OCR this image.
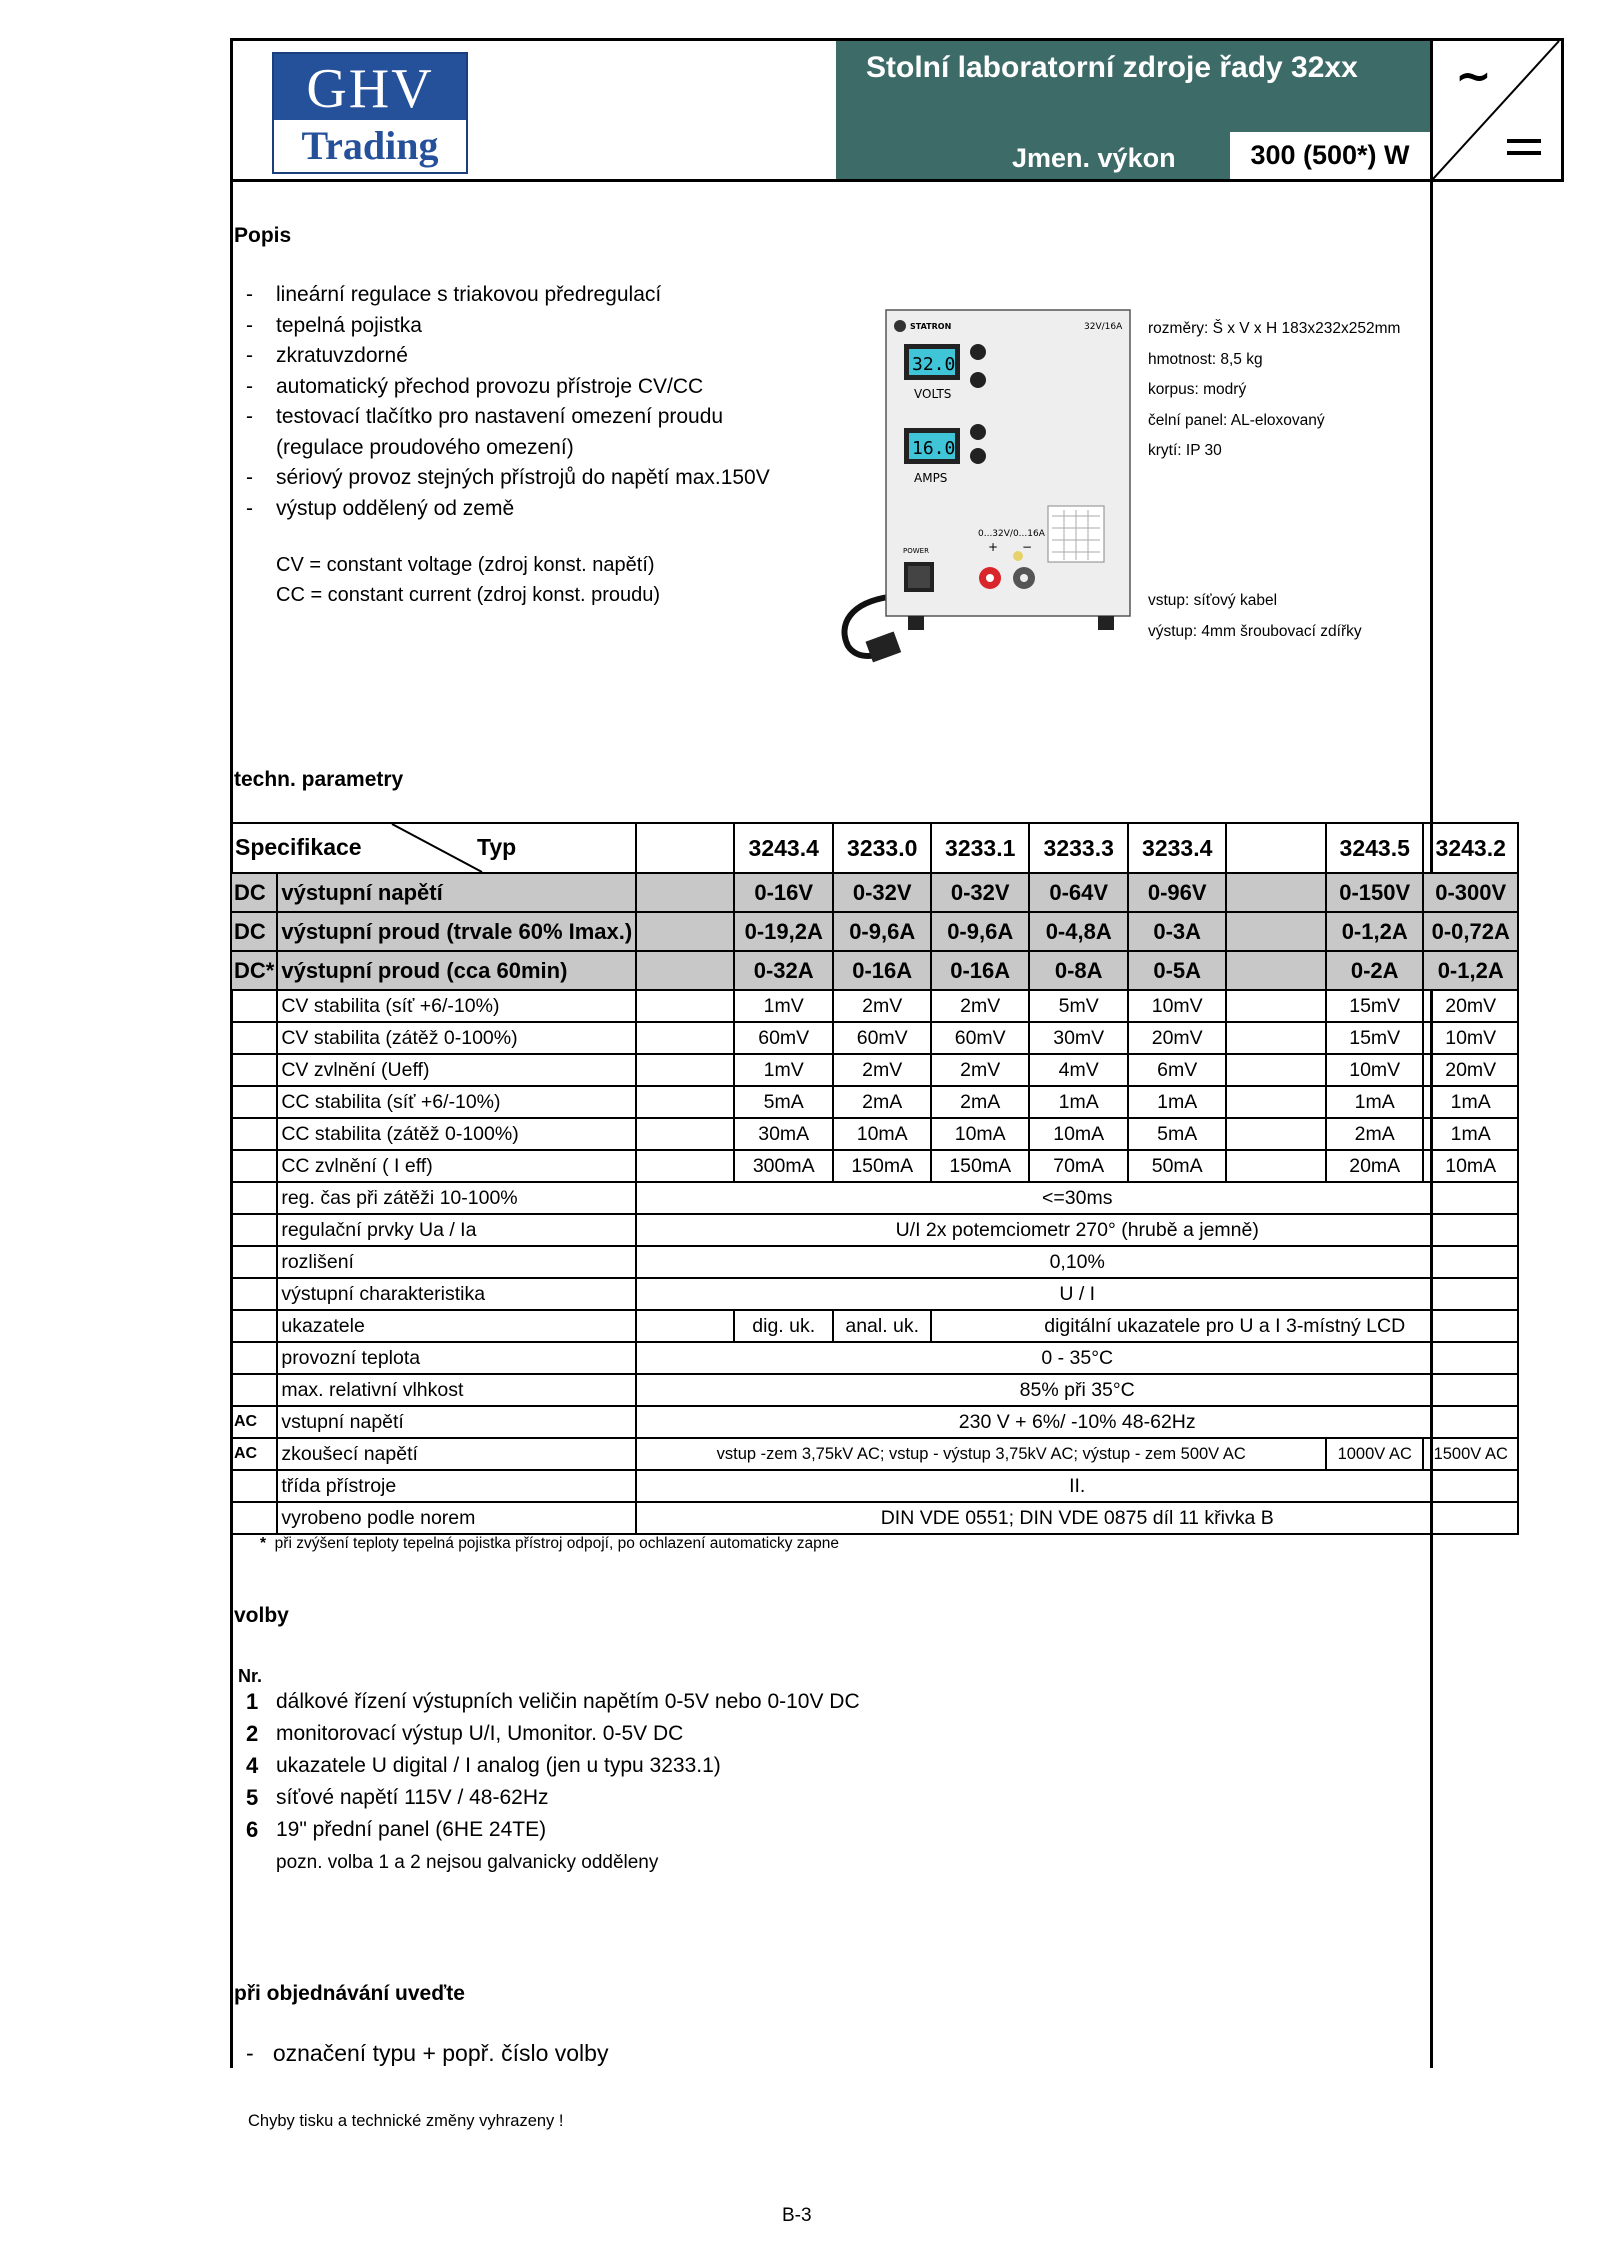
GHV
Trading
Stolní laboratorní zdroje řady 32xx
Jmen. výkon	300 (500*) W
~
Popis
-	lineární regulace s triakovou předregulací
-	tepelná pojistka
-	zkratuvzdorné
-	automatický přechod provozu přístroje CV/CC
-	testovací tlačítko pro nastavení omezení proudu
(regulace proudového omezení)
-	sériový provoz stejných přístrojů do napětí max.150V
-	výstup oddělený od země
CV = constant voltage (zdroj konst. napětí)
CC = constant current (zdroj konst. proudu)
STATRON	32V/16A
32.0
VOLTS
16.0
AMPS
0...32V/0...16A
POWER	+ −
rozměry: Š x V x H 183x232x252mm
hmotnost: 8,5 kg
korpus: modrý
čelní panel: AL-eloxovaný
krytí: IP 30
vstup: síťový kabel
výstup: 4mm šroubovací zdířky
techn. parametry
Specifikace Typ			3243.4	3233.0	3233.1	3233.3	3233.4		3243.5	3243.2
DC	výstupní napětí		0-16V	0-32V	0-32V	0-64V	0-96V		0-150V	0-300V
DC	výstupní proud (trvale 60% Imax.)		0-19,2A	0-9,6A	0-9,6A	0-4,8A	0-3A		0-1,2A	0-0,72A
DC*	výstupní proud (cca 60min)		0-32A	0-16A	0-16A	0-8A	0-5A		0-2A	0-1,2A
	CV stabilita (síť +6/-10%)		1mV	2mV	2mV	5mV	10mV		15mV	20mV
	CV stabilita (zátěž 0-100%)		60mV	60mV	60mV	30mV	20mV		15mV	10mV
	CV zvlnění (Ueff)		1mV	2mV	2mV	4mV	6mV		10mV	20mV
	CC stabilita (síť +6/-10%)		5mA	2mA	2mA	1mA	1mA		1mA	1mA
	CC stabilita (zátěž 0-100%)		30mA	10mA	10mA	10mA	5mA		2mA	1mA
	CC zvlnění ( I eff)		300mA	150mA	150mA	70mA	50mA		20mA	10mA
	reg. čas při zátěži 10-100%	<=30ms								
	regulační prvky Ua / Ia	U/I 2x potemciometr 270° (hrubě a jemně)								
	rozlišení	0,10%								
	výstupní charakteristika	U / I								
	ukazatele		dig. uk.	anal. uk.	digitální ukazatele pro U a I 3-místný LCD					
	provozní teplota	0 - 35°C								
	max. relativní vlhkost	85% při 35°C								
AC	vstupní napětí	230 V + 6%/ -10% 48-62Hz								
AC	zkoušecí napětí	vstup -zem 3,75kV AC; vstup - výstup 3,75kV AC; výstup - zem 500V AC							1000V AC	1500V AC
	třída přístroje	II.								
	vyrobeno podle norem	DIN VDE 0551; DIN VDE 0875 díl 11 křivka B								
* při zvýšení teploty tepelná pojistka přístroj odpojí, po ochlazení automaticky zapne
volby
Nr.
1 dálkové řízení výstupních veličin napětím 0-5V nebo 0-10V DC
2 monitorovací výstup U/I, Umonitor. 0-5V DC
4 ukazatele U digital / I analog (jen u typu 3233.1)
5 síťové napětí 115V / 48-62Hz
6 19" přední panel (6HE 24TE)
pozn. volba 1 a 2 nejsou galvanicky odděleny
při objednávání uveďte
- označení typu + popř. číslo volby
Chyby tisku a technické změny vyhrazeny !
B-3
